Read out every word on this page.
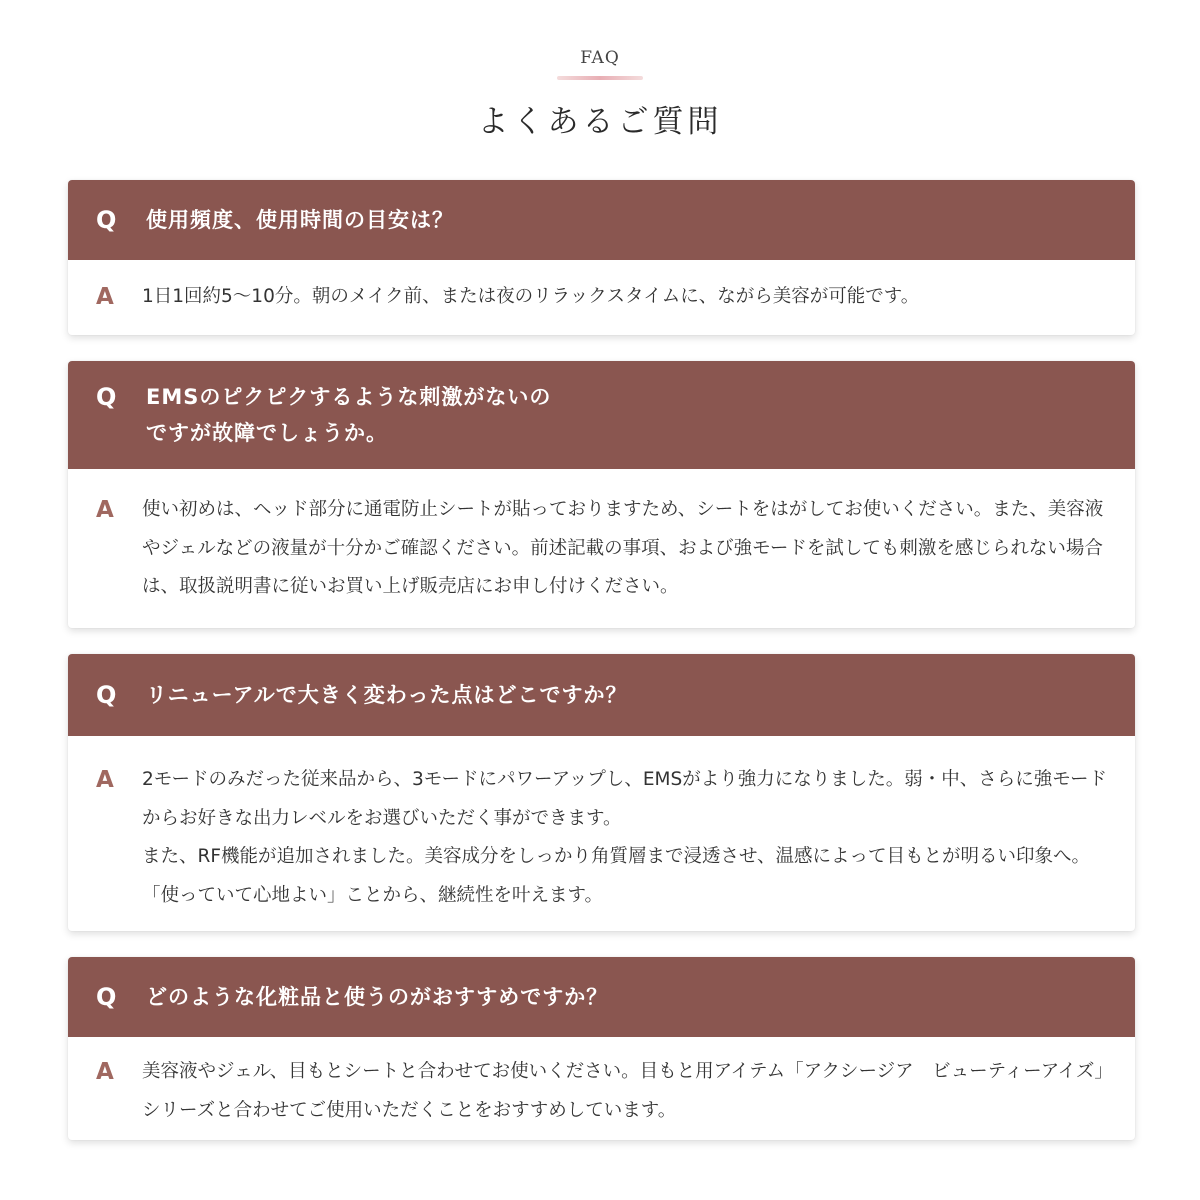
FAQ
よくあるご質問
Q	使用頻度、使用時間の目安は？
A	1日1回約5～10分。朝のメイク前、または夜のリラックスタイムに、ながら美容が可能です。

Q	EMSのピクピクするような刺激がないの
ですが故障でしょうか。
A	使い初めは、ヘッド部分に通電防止シートが貼っておりますため、シートをはがしてお使いください。また、美容液やジェルなどの液量が十分かご確認ください。前述記載の事項、および強モードを試しても刺激を感じられない場合は、取扱説明書に従いお買い上げ販売店にお申し付けください。

Q	リニューアルで大きく変わった点はどこですか？
A	2モードのみだった従来品から、3モードにパワーアップし、EMSがより強力になりました。弱・中、さらに強モードからお好きな出力レベルをお選びいただく事ができます。

また、RF機能が追加されました。美容成分をしっかり角質層まで浸透させ、温感によって目もとが明るい印象へ。「使っていて心地よい」ことから、継続性を叶えます。

Q	どのような化粧品と使うのがおすすめですか？
A	美容液やジェル、目もとシートと合わせてお使いください。目もと用アイテム「アクシージア　ビューティーアイズ」シリーズと合わせてご使用いただくことをおすすめしています。
